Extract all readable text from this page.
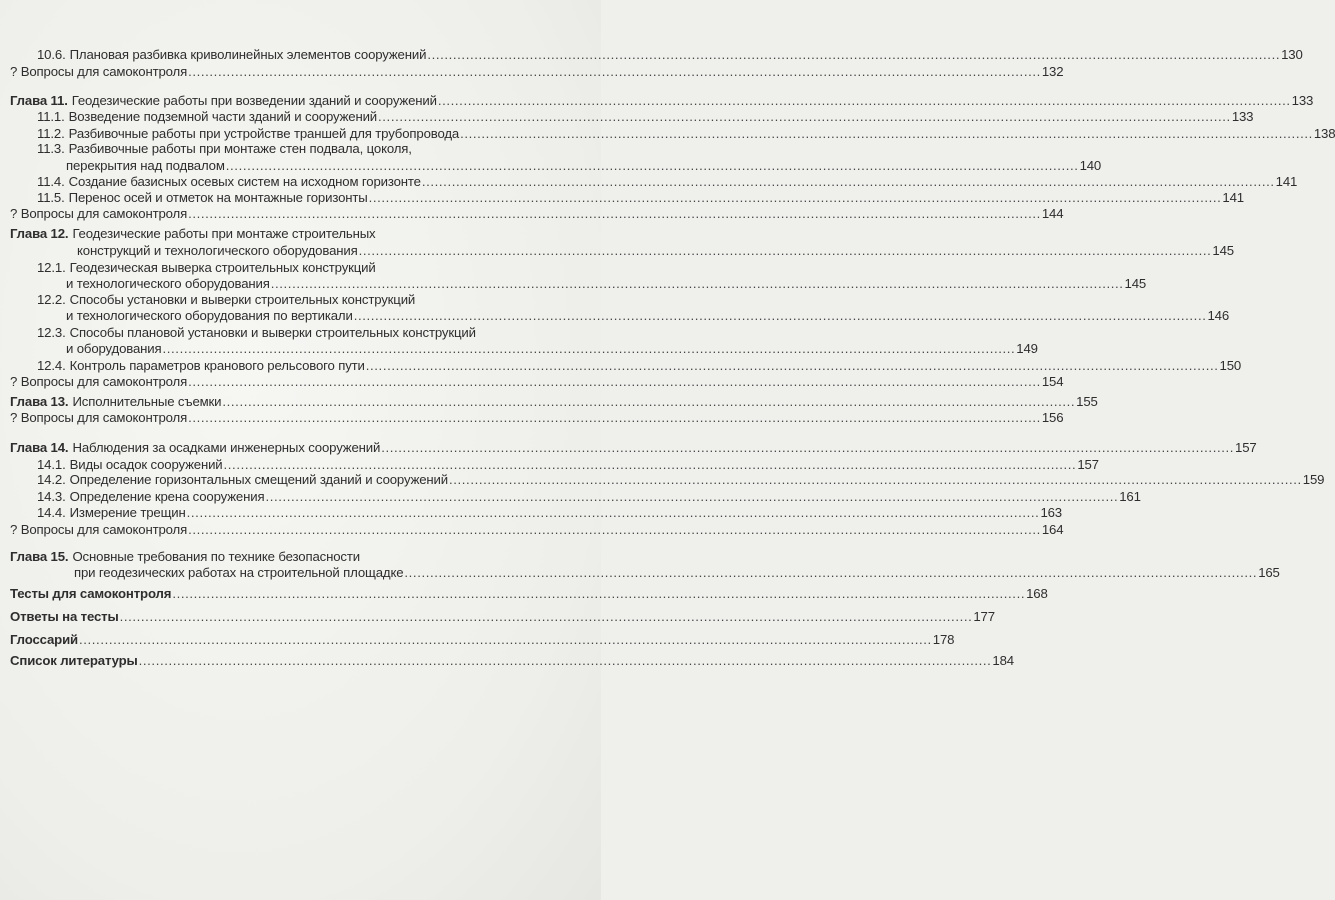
10.6. Плановая разбивка криволинейных элементов сооружений ........................................................................................................................................................................................................ 130
? Вопросы для самоконтроля ........................................................................................................................................................................................................ 132
Глава 11. Геодезические работы при возведении зданий и сооружений ........................................................................................................................................................................................................ 133
11.1. Возведение подземной части зданий и сооружений ........................................................................................................................................................................................................ 133
11.2. Разбивочные работы при устройстве траншей для трубопровода ........................................................................................................................................................................................................ 138
11.3. Разбивочные работы при монтаже стен подвала, цоколя,
перекрытия над подвалом ........................................................................................................................................................................................................ 140
11.4. Создание базисных осевых систем на исходном горизонте ........................................................................................................................................................................................................ 141
11.5. Перенос осей и отметок на монтажные горизонты ........................................................................................................................................................................................................ 141
? Вопросы для самоконтроля ........................................................................................................................................................................................................ 144
Глава 12. Геодезические работы при монтаже строительных
конструкций и технологического оборудования ........................................................................................................................................................................................................ 145
12.1. Геодезическая выверка строительных конструкций
и технологического оборудования ........................................................................................................................................................................................................ 145
12.2. Способы установки и выверки строительных конструкций
и технологического оборудования по вертикали ........................................................................................................................................................................................................ 146
12.3. Способы плановой установки и выверки строительных конструкций
и оборудования ........................................................................................................................................................................................................ 149
12.4. Контроль параметров кранового рельсового пути ........................................................................................................................................................................................................ 150
? Вопросы для самоконтроля ........................................................................................................................................................................................................ 154
Глава 13. Исполнительные съемки ........................................................................................................................................................................................................ 155
? Вопросы для самоконтроля ........................................................................................................................................................................................................ 156
Глава 14. Наблюдения за осадками инженерных сооружений ........................................................................................................................................................................................................ 157
14.1. Виды осадок сооружений ........................................................................................................................................................................................................ 157
14.2. Определение горизонтальных смещений зданий и сооружений ........................................................................................................................................................................................................ 159
14.3. Определение крена сооружения ........................................................................................................................................................................................................ 161
14.4. Измерение трещин ........................................................................................................................................................................................................ 163
? Вопросы для самоконтроля ........................................................................................................................................................................................................ 164
Глава 15. Основные требования по технике безопасности
при геодезических работах на строительной площадке ........................................................................................................................................................................................................ 165
Тесты для самоконтроля ........................................................................................................................................................................................................ 168
Ответы на тесты ........................................................................................................................................................................................................ 177
Глоссарий ........................................................................................................................................................................................................ 178
Список литературы ........................................................................................................................................................................................................ 184
